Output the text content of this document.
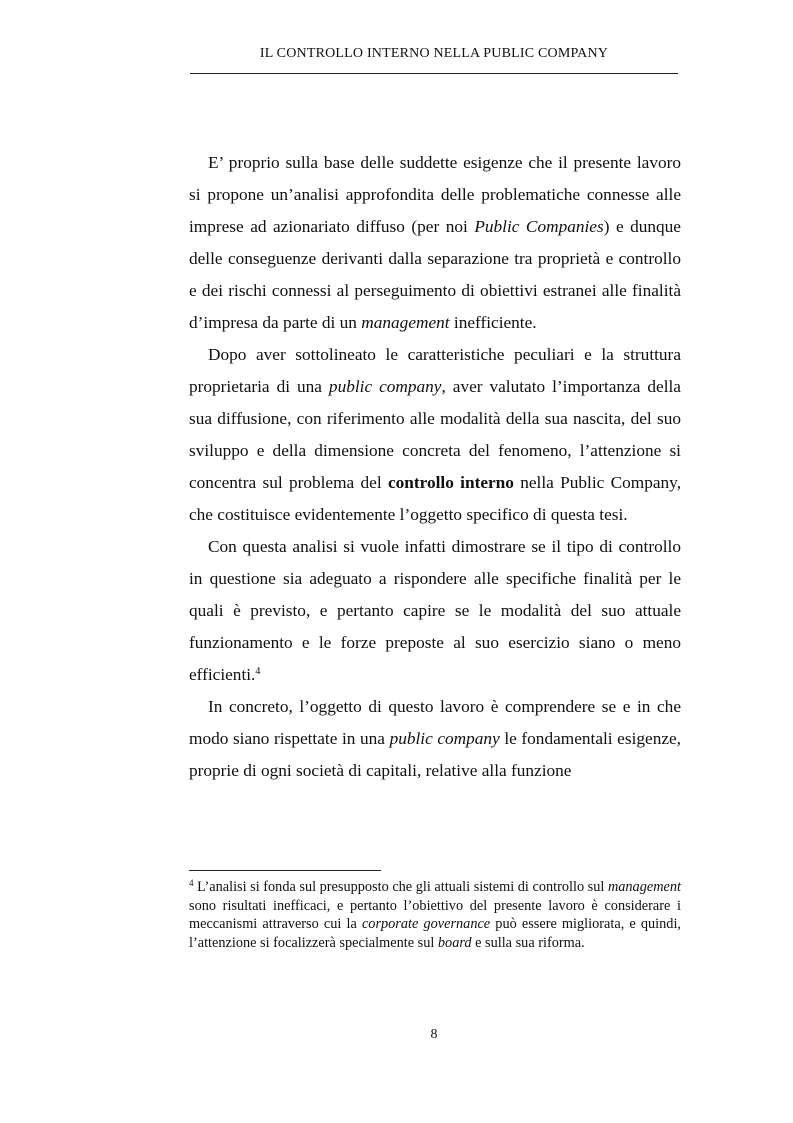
IL CONTROLLO INTERNO NELLA PUBLIC COMPANY

E’ proprio sulla base delle suddette esigenze che il presente lavoro si propone un’analisi approfondita delle problematiche connesse alle imprese ad azionariato diffuso (per noi Public Companies) e dunque delle conseguenze derivanti dalla separazione tra proprietà e controllo e dei rischi connessi al perseguimento di obiettivi estranei alle finalità d’impresa da parte di un management inefficiente.

Dopo aver sottolineato le caratteristiche peculiari e la struttura proprietaria di una public company, aver valutato l’importanza della sua diffusione, con riferimento alle modalità della sua nascita, del suo sviluppo e della dimensione concreta del fenomeno, l’attenzione si concentra sul problema del controllo interno nella Public Company, che costituisce evidentemente l’oggetto specifico di questa tesi.

Con questa analisi si vuole infatti dimostrare se il tipo di controllo in questione sia adeguato a rispondere alle specifiche finalità per le quali è previsto, e pertanto capire se le modalità del suo attuale funzionamento e le forze preposte al suo esercizio siano o meno efficienti.$^4$

In concreto, l’oggetto di questo lavoro è comprendere se e in che modo siano rispettate in una public company le fondamentali esigenze, proprie di ogni società di capitali, relative alla funzione

$^4$ L’analisi si fonda sul presupposto che gli attuali sistemi di controllo sul management sono risultati inefficaci, e pertanto l’obiettivo del presente lavoro è considerare i meccanismi attraverso cui la corporate governance può essere migliorata, e quindi, l’attenzione si focalizzerà specialmente sul board e sulla sua riforma.

8
